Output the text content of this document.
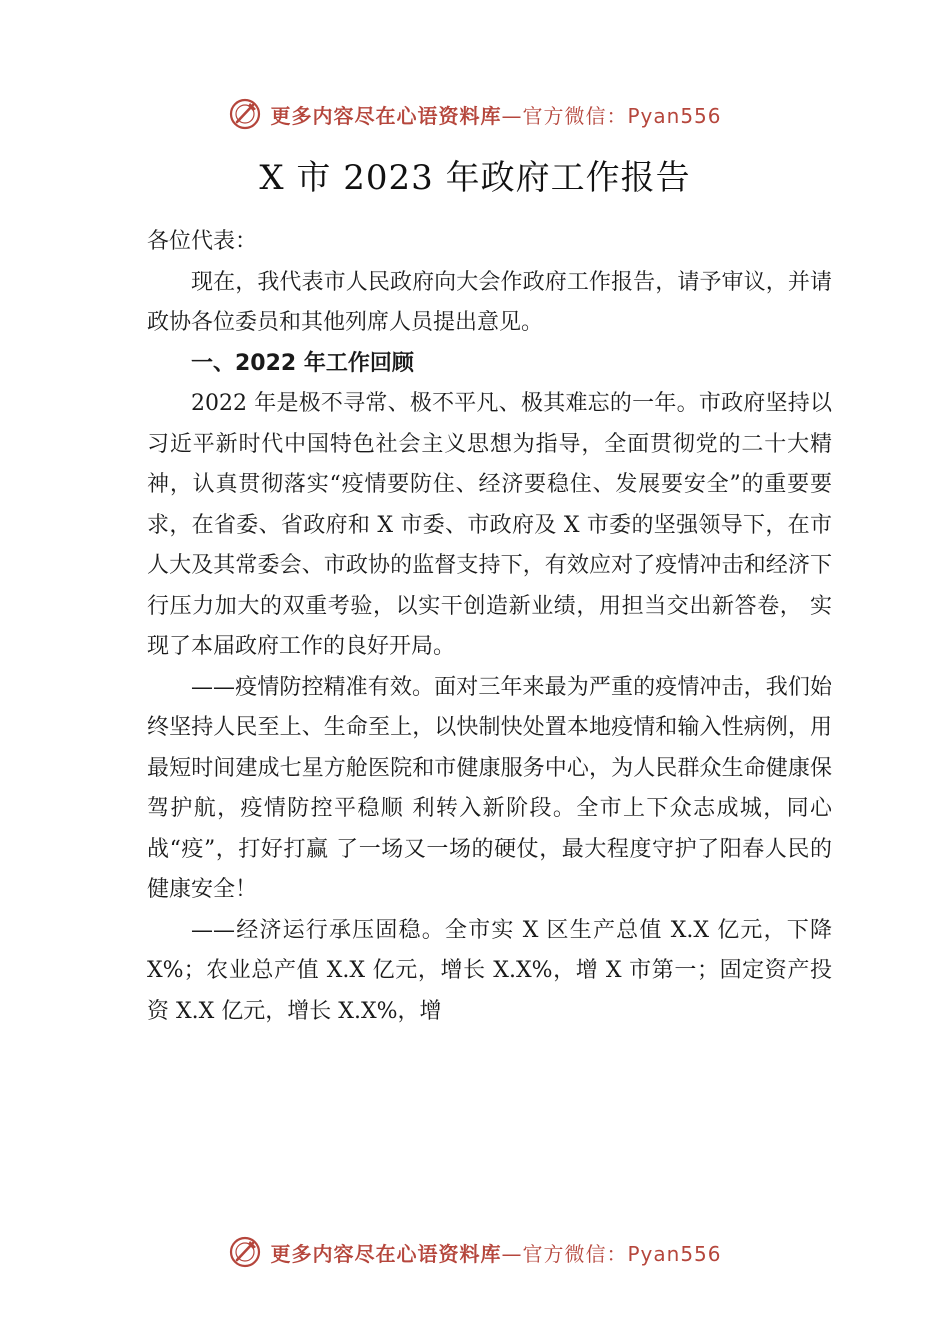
更多内容尽在心语资料库—官方微信：Pyan556
X 市 2023 年政府工作报告

各位代表：

现在，我代表市人民政府向大会作政府工作报告，请予审议，并请政协各位委员和其他列席人员提出意见。

一、2022 年工作回顾

2022 年是极不寻常、极不平凡、极其难忘的一年。市政府坚持以习近平新时代中国特色社会主义思想为指导，全面贯彻党的二十大精神，认真贯彻落实“疫情要防住、经济要稳住、发展要安全”的重要要求，在省委、省政府和 X 市委、市政府及 X 市委的坚强领导下，在市人大及其常委会、市政协的监督支持下，有效应对了疫情冲击和经济下行压力加大的双重考验，以实干创造新业绩，用担当交出新答卷， 实现了本届政府工作的良好开局。

——疫情防控精准有效。面对三年来最为严重的疫情冲击，我们始终坚持人民至上、生命至上，以快制快处置本地疫情和输入性病例，用最短时间建成七星方舱医院和市健康服务中心，为人民群众生命健康保驾护航，疫情防控平稳顺 利转入新阶段。全市上下众志成城，同心战“疫”，打好打赢 了一场又一场的硬仗，最大程度守护了阳春人民的健康安全！

——经济运行承压固稳。全市实 X 区生产总值 X.X 亿元，下降 X%；农业总产值 X.X 亿元，增长 X.X%，增 X 市第一；固定资产投资 X.X 亿元，增长 X.X%，增

更多内容尽在心语资料库—官方微信：Pyan556
